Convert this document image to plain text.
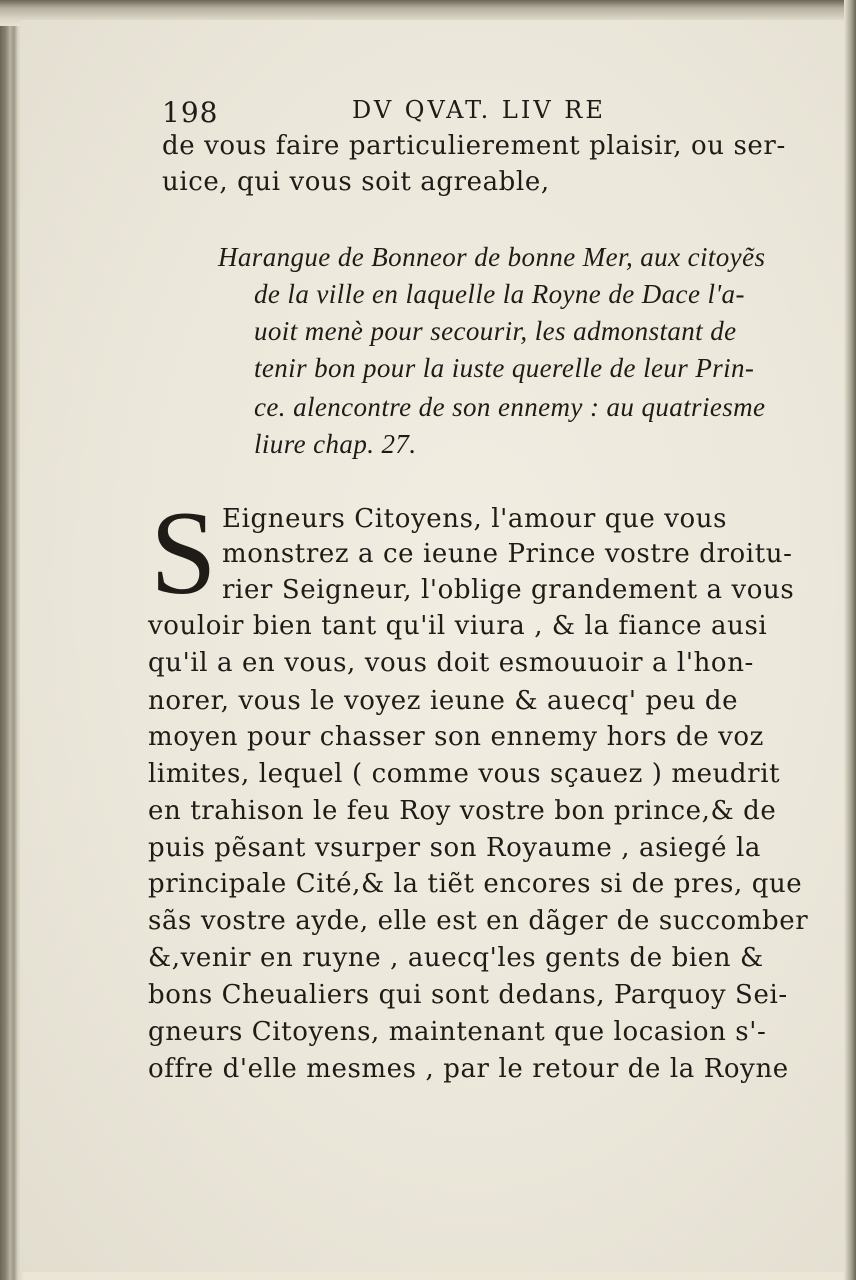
198	DV QVAT. LIV RE
de vous faire particulierement plaisir, ou ser-
uice, qui vous soit agreable,
Harangue de Bonneor de bonne Mer, aux citoyẽs
de la ville en laquelle la Royne de Dace l'a-
uoit menè pour secourir, les admonstant de
tenir bon pour la iuste querelle de leur Prin-
ce. alencontre de son ennemy : au quatriesme
liure chap. 27.
S Eigneurs Citoyens, l'amour que vous
monstrez a ce ieune Prince vostre droitu-
rier Seigneur, l'oblige grandement a vous
vouloir bien tant qu'il viura , & la fiance ausi
qu'il a en vous, vous doit esmouuoir a l'hon-
norer, vous le voyez ieune & auecq' peu de
moyen pour chasser son ennemy hors de voz
limites, lequel ( comme vous sçauez ) meudrit
en trahison le feu Roy vostre bon prince,& de
puis pẽsant vsurper son Royaume , asiegé la
principale Cité,& la tiẽt encores si de pres, que
sãs vostre ayde, elle est en dãger de succomber
&,venir en ruyne , auecq'les gents de bien &
bons Cheualiers qui sont dedans, Parquoy Sei-
gneurs Citoyens, maintenant que locasion s'-
offre d'elle mesmes , par le retour de la Royne
